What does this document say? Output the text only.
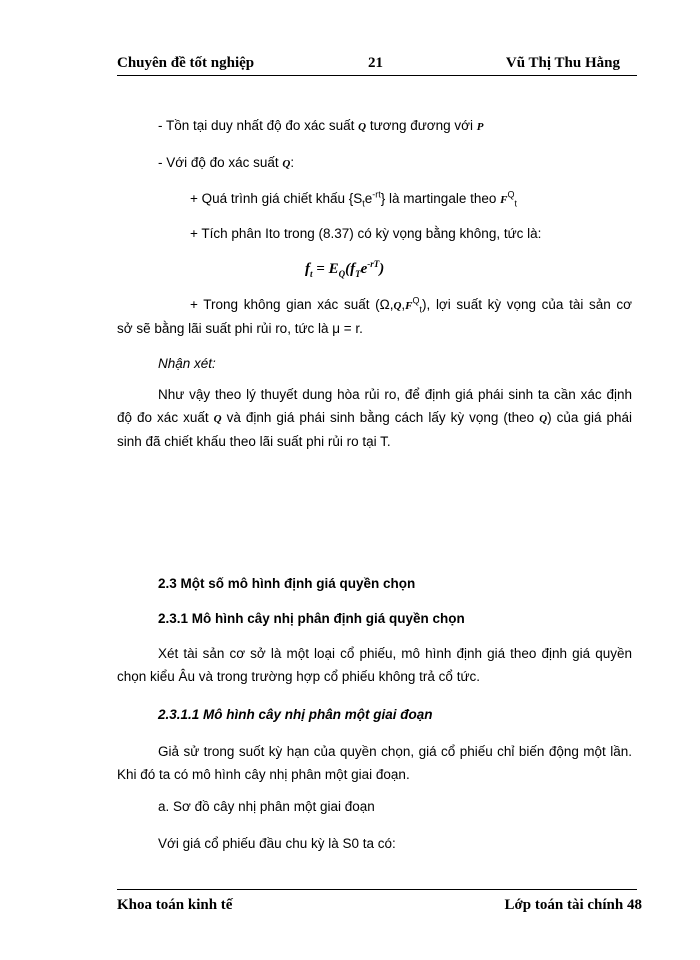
Chuyên đề tốt nghiệp	21	Vũ Thị Thu Hằng
- Tồn tại duy nhất độ đo xác suất Q tương đương với P
- Với độ đo xác suất Q:
+ Quá trình giá chiết khấu $\{S_te^{-rt}\}$ là martingale theo $F^Q_t$
+ Tích phân Ito trong (8.37) có kỳ vọng bằng không, tức là:
$f_t = E_Q(f_Te^{-rT})$
+ Trong không gian xác suất $(\Omega,Q,F^Q_t)$, lợi suất kỳ vọng của tài sản cơ
sở sẽ bằng lãi suất phi rủi ro, tức là μ = r.
Nhận xét:
Như vậy theo lý thuyết dung hòa rủi ro, để định giá phái sinh ta cần xác định
độ đo xác xuất Q và định giá phái sinh bằng cách lấy kỳ vọng (theo Q) của giá phái
sinh đã chiết khấu theo lãi suất phi rủi ro tại T.
2.3 Một số mô hình định giá quyền chọn
2.3.1 Mô hình cây nhị phân định giá quyền chọn
Xét tài sản cơ sở là một loại cổ phiếu, mô hình định giá theo định giá quyền
chọn kiểu Âu và trong trường hợp cổ phiếu không trả cổ tức.
2.3.1.1 Mô hình cây nhị phân một giai đoạn
Giả sử trong suốt kỳ hạn của quyền chọn, giá cổ phiếu chỉ biến động một lần.
Khi đó ta có mô hình cây nhị phân một giai đoạn.
a. Sơ đồ cây nhị phân một giai đoạn
Với giá cổ phiếu đầu chu kỳ là S0 ta có:
Khoa toán kinh tế	Lớp toán tài chính 48
